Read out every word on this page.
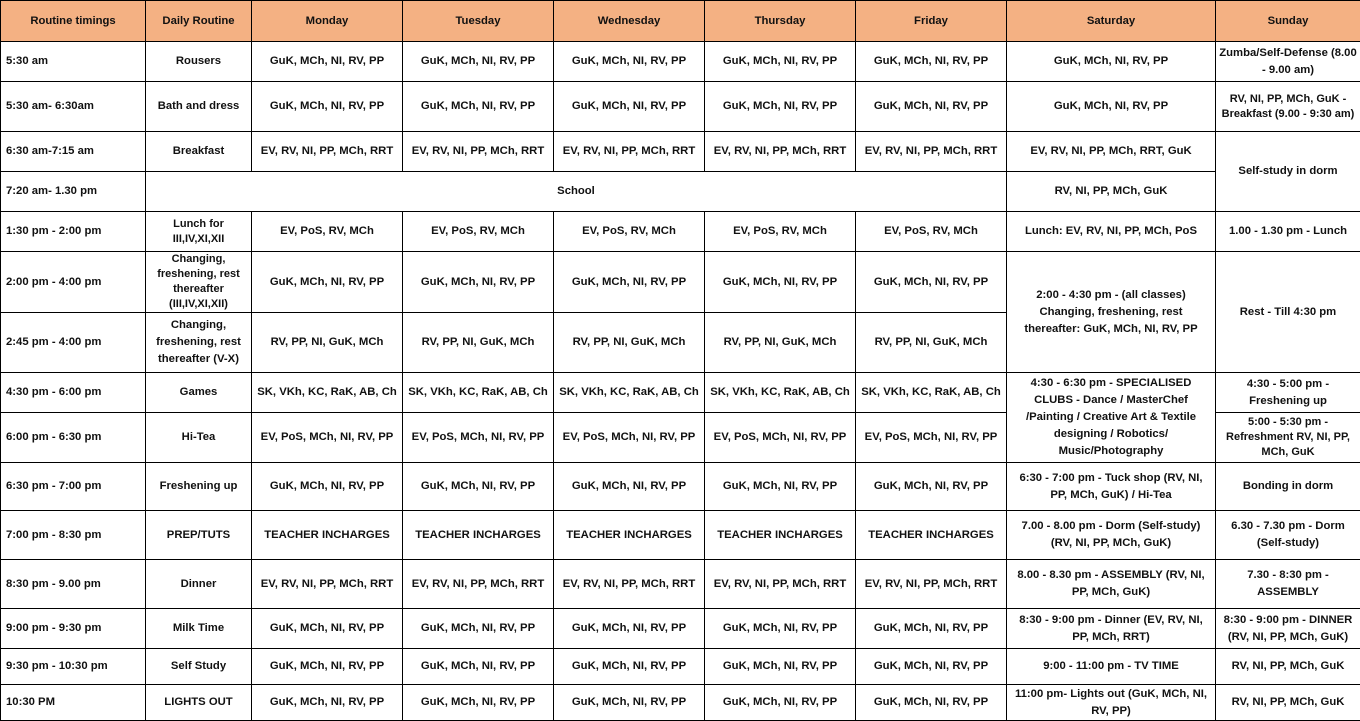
Routine timings	Daily Routine	Monday	Tuesday	Wednesday	Thursday	Friday	Saturday	Sunday
5:30 am	Rousers	GuK, MCh, NI, RV, PP	GuK, MCh, NI, RV, PP	GuK, MCh, NI, RV, PP	GuK, MCh, NI, RV, PP	GuK, MCh, NI, RV, PP	GuK, MCh, NI, RV, PP	Zumba/Self-Defense (8.00 - 9.00 am)
5:30 am- 6:30am	Bath and dress	GuK, MCh, NI, RV, PP	GuK, MCh, NI, RV, PP	GuK, MCh, NI, RV, PP	GuK, MCh, NI, RV, PP	GuK, MCh, NI, RV, PP	GuK, MCh, NI, RV, PP	RV, NI, PP, MCh, GuK - Breakfast (9.00 - 9:30 am)
6:30 am-7:15 am	Breakfast	EV, RV, NI, PP, MCh, RRT	EV, RV, NI, PP, MCh, RRT	EV, RV, NI, PP, MCh, RRT	EV, RV, NI, PP, MCh, RRT	EV, RV, NI, PP, MCh, RRT	EV, RV, NI, PP, MCh, RRT, GuK	Self-study in dorm
7:20 am- 1.30 pm	School						RV, NI, PP, MCh, GuK	
1:30 pm - 2:00 pm	Lunch for III,IV,XI,XII	EV, PoS, RV, MCh	EV, PoS, RV, MCh	EV, PoS, RV, MCh	EV, PoS, RV, MCh	EV, PoS, RV, MCh	Lunch: EV, RV, NI, PP, MCh, PoS	1.00 - 1.30 pm - Lunch
2:00 pm - 4:00 pm	Changing, freshening, rest thereafter (III,IV,XI,XII)	GuK, MCh, NI, RV, PP	GuK, MCh, NI, RV, PP	GuK, MCh, NI, RV, PP	GuK, MCh, NI, RV, PP	GuK, MCh, NI, RV, PP	2:00 - 4:30 pm - (all classes) Changing, freshening, rest thereafter: GuK, MCh, NI, RV, PP	Rest - Till 4:30 pm
2:45 pm - 4:00 pm	Changing, freshening, rest thereafter (V-X)	RV, PP, NI, GuK, MCh	RV, PP, NI, GuK, MCh	RV, PP, NI, GuK, MCh	RV, PP, NI, GuK, MCh	RV, PP, NI, GuK, MCh		
4:30 pm - 6:00 pm	Games	SK, VKh, KC, RaK, AB, Ch	SK, VKh, KC, RaK, AB, Ch	SK, VKh, KC, RaK, AB, Ch	SK, VKh, KC, RaK, AB, Ch	SK, VKh, KC, RaK, AB, Ch	4:30 - 6:30 pm - SPECIALISED CLUBS - Dance / MasterChef /Painting / Creative Art & Textile designing / Robotics/ Music/Photography	4:30 - 5:00 pm - Freshening up
6:00 pm - 6:30 pm	Hi-Tea	EV, PoS, MCh, NI, RV, PP	EV, PoS, MCh, NI, RV, PP	EV, PoS, MCh, NI, RV, PP	EV, PoS, MCh, NI, RV, PP	EV, PoS, MCh, NI, RV, PP		5:00 - 5:30 pm - Refreshment RV, NI, PP, MCh, GuK
6:30 pm - 7:00 pm	Freshening up	GuK, MCh, NI, RV, PP	GuK, MCh, NI, RV, PP	GuK, MCh, NI, RV, PP	GuK, MCh, NI, RV, PP	GuK, MCh, NI, RV, PP	6:30 - 7:00 pm - Tuck shop (RV, NI, PP, MCh, GuK) / Hi-Tea	Bonding in dorm
7:00 pm - 8:30 pm	PREP/TUTS	TEACHER INCHARGES	TEACHER INCHARGES	TEACHER INCHARGES	TEACHER INCHARGES	TEACHER INCHARGES	7.00 - 8.00 pm - Dorm (Self-study) (RV, NI, PP, MCh, GuK)	6.30 - 7.30 pm - Dorm (Self-study)
8:30 pm - 9.00 pm	Dinner	EV, RV, NI, PP, MCh, RRT	EV, RV, NI, PP, MCh, RRT	EV, RV, NI, PP, MCh, RRT	EV, RV, NI, PP, MCh, RRT	EV, RV, NI, PP, MCh, RRT	8.00 - 8.30 pm - ASSEMBLY (RV, NI, PP, MCh, GuK)	7.30 - 8:30 pm - ASSEMBLY
9:00 pm - 9:30 pm	Milk Time	GuK, MCh, NI, RV, PP	GuK, MCh, NI, RV, PP	GuK, MCh, NI, RV, PP	GuK, MCh, NI, RV, PP	GuK, MCh, NI, RV, PP	8:30 - 9:00 pm - Dinner (EV, RV, NI, PP, MCh, RRT)	8:30 - 9:00 pm - DINNER (RV, NI, PP, MCh, GuK)
9:30 pm - 10:30 pm	Self Study	GuK, MCh, NI, RV, PP	GuK, MCh, NI, RV, PP	GuK, MCh, NI, RV, PP	GuK, MCh, NI, RV, PP	GuK, MCh, NI, RV, PP	9:00 - 11:00 pm - TV TIME	RV, NI, PP, MCh, GuK
10:30 PM	LIGHTS OUT	GuK, MCh, NI, RV, PP	GuK, MCh, NI, RV, PP	GuK, MCh, NI, RV, PP	GuK, MCh, NI, RV, PP	GuK, MCh, NI, RV, PP	11:00 pm- Lights out (GuK, MCh, NI, RV, PP)	RV, NI, PP, MCh, GuK
